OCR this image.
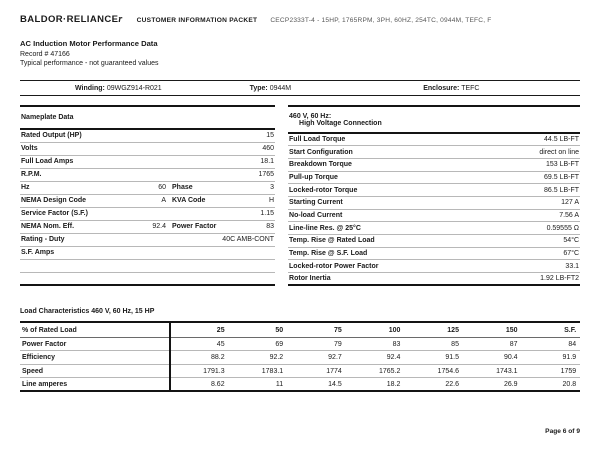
BALDOR·RELIANCEr CUSTOMER INFORMATION PACKET CECP2333T-4 - 15HP, 1765RPM, 3PH, 60HZ, 254TC, 0944M, TEFC, F
AC Induction Motor Performance Data
Record # 47166
Typical performance - not guaranteed values
Winding: 09WGZ914-R021	Type: 0944M	Enclosure: TEFC
Nameplate Data			
Rated Output (HP)	15		
Volts	460		
Full Load Amps	18.1		
R.P.M.	1765		
Hz	60	Phase	3
NEMA Design Code	A	KVA Code	H
Service Factor (S.F.)	1.15		
NEMA Nom. Eff.	92.4	Power Factor	83
Rating - Duty	40C AMB-CONT		
S.F. Amps			

460 V, 60 Hz:
High Voltage Connection	

Full Load Torque	44.5 LB-FT
Start Configuration	direct on line
Breakdown Torque	153 LB-FT
Pull-up Torque	69.5 LB-FT
Locked-rotor Torque	86.5 LB-FT
Starting Current	127 A
No-load Current	7.56 A
Line-line Res. @ 25°C	0.59555 Ω
Temp. Rise @ Rated Load	54°C
Temp. Rise @ S.F. Load	67°C
Locked-rotor Power Factor	33.1
Rotor Inertia	1.92 LB-FT2
Load Characteristics 460 V, 60 Hz, 15 HP
% of Rated Load	25	50	75	100	125	150	S.F.
Power Factor	45	69	79	83	85	87	84
Efficiency	88.2	92.2	92.7	92.4	91.5	90.4	91.9
Speed	1791.3	1783.1	1774	1765.2	1754.6	1743.1	1759
Line amperes	8.62	11	14.5	18.2	22.6	26.9	20.8
Page 6 of 9
